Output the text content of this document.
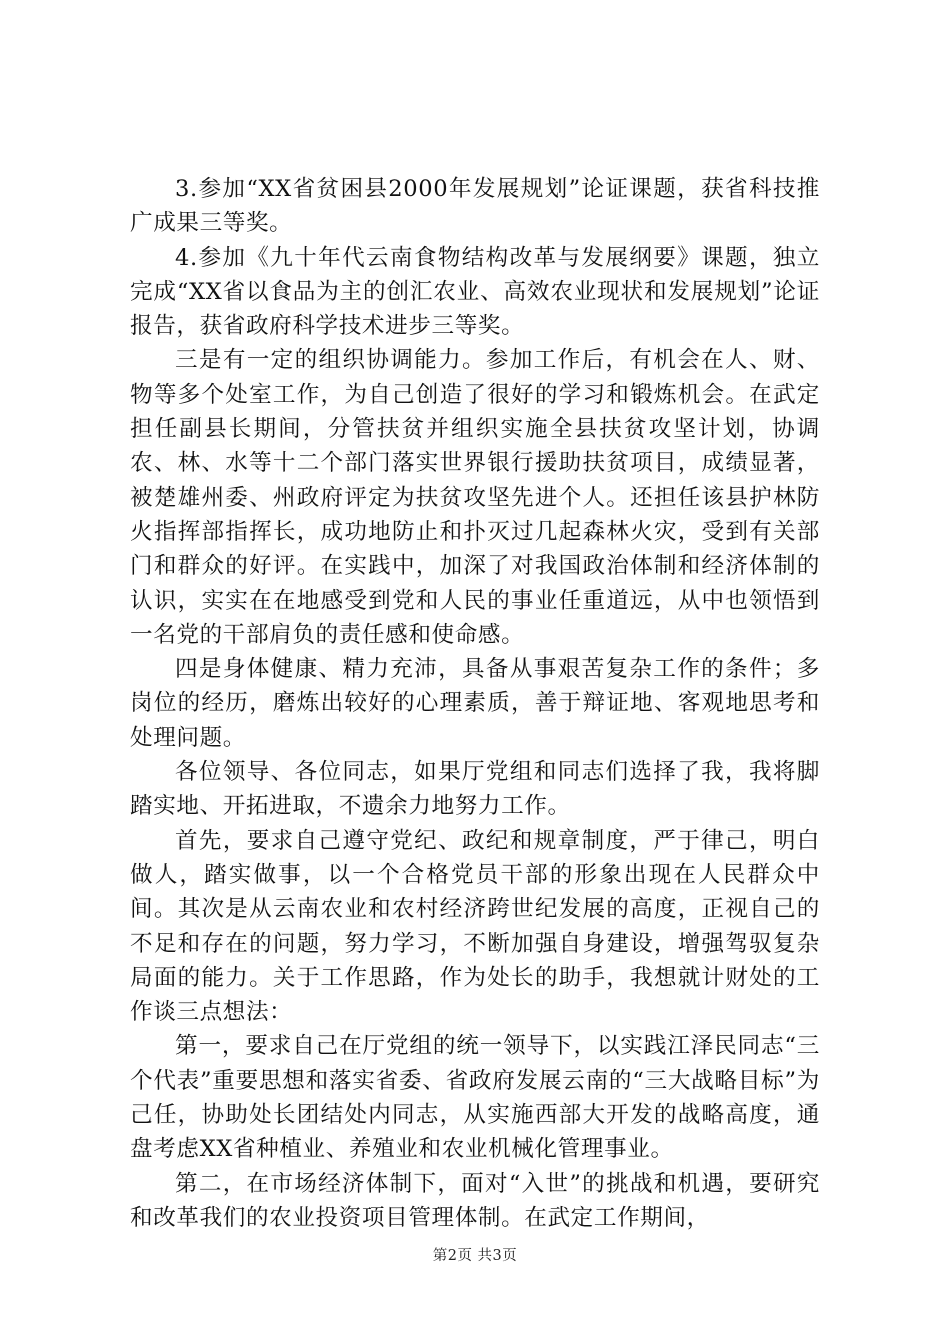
3.参加“XX省贫困县2000年发展规划”论证课题，获省科技推广成果三等奖。

4.参加《九十年代云南食物结构改革与发展纲要》课题，独立完成“XX省以食品为主的创汇农业、高效农业现状和发展规划”论证报告，获省政府科学技术进步三等奖。

三是有一定的组织协调能力。参加工作后，有机会在人、财、物等多个处室工作，为自己创造了很好的学习和锻炼机会。在武定担任副县长期间，分管扶贫并组织实施全县扶贫攻坚计划，协调农、林、水等十二个部门落实世界银行援助扶贫项目，成绩显著，被楚雄州委、州政府评定为扶贫攻坚先进个人。还担任该县护林防火指挥部指挥长，成功地防止和扑灭过几起森林火灾，受到有关部门和群众的好评。在实践中，加深了对我国政治体制和经济体制的认识，实实在在地感受到党和人民的事业任重道远，从中也领悟到一名党的干部肩负的责任感和使命感。

四是身体健康、精力充沛，具备从事艰苦复杂工作的条件；多岗位的经历，磨炼出较好的心理素质，善于辩证地、客观地思考和处理问题。

各位领导、各位同志，如果厅党组和同志们选择了我，我将脚踏实地、开拓进取，不遗余力地努力工作。

首先，要求自己遵守党纪、政纪和规章制度，严于律己，明白做人，踏实做事，以一个合格党员干部的形象出现在人民群众中间。其次是从云南农业和农村经济跨世纪发展的高度，正视自己的不足和存在的问题，努力学习，不断加强自身建设，增强驾驭复杂局面的能力。关于工作思路，作为处长的助手，我想就计财处的工作谈三点想法：

第一，要求自己在厅党组的统一领导下，以实践江泽民同志“三个代表”重要思想和落实省委、省政府发展云南的“三大战略目标”为己任，协助处长团结处内同志，从实施西部大开发的战略高度，通盘考虑XX省种植业、养殖业和农业机械化管理事业。

第二，在市场经济体制下，面对“入世”的挑战和机遇，要研究和改革我们的农业投资项目管理体制。在武定工作期间，

第2页 共3页
